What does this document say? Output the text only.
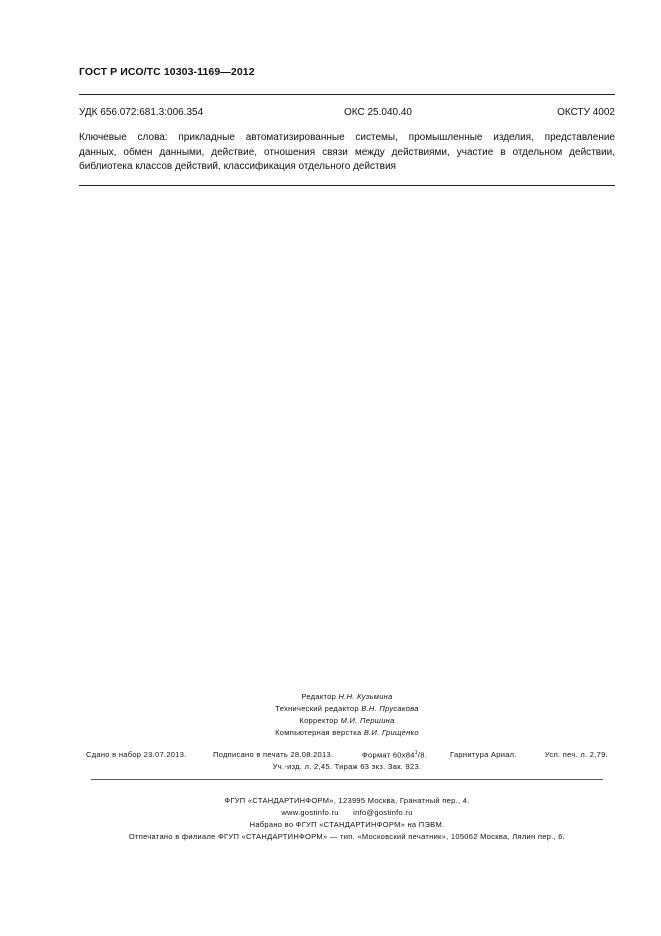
ГОСТ Р ИСО/ТС 10303-1169—2012
УДК 656.072:681.3:006.354	ОКС 25.040.40	ОКСТУ 4002
Ключевые слова: прикладные автоматизированные системы, промышленные изделия, представление
данных, обмен данными, действие, отношения связи между действиями, участие в отдельном действии,
библиотека классов действий, классификация отдельного действия
Редактор Н.Н. Кузьмина
Технический редактор В.Н. Прусакова
Корректор М.И. Першина
Компьютерная верстка В.И. Грищенко
Сдано в набор 23.07.2013.	Подписано в печать 28.08.2013.	Формат $60x84^1/8$.	Гарнитура Ариал.	Усл. печ. л. 2,79.
Уч.-изд. л. 2,45. Тираж 63 экз. Зак. 923.
ФГУП «СТАНДАРТИНФОРМ», 123995 Москва, Гранатный пер., 4.
www.gostinfo.ru info@gostinfo.ru
Набрано во ФГУП «СТАНДАРТИНФОРМ» на ПЭВМ.
Отпечатано в филиале ФГУП «СТАНДАРТИНФОРМ» — тип. «Московский печатник», 105062 Москва, Лялин пер., 6.
